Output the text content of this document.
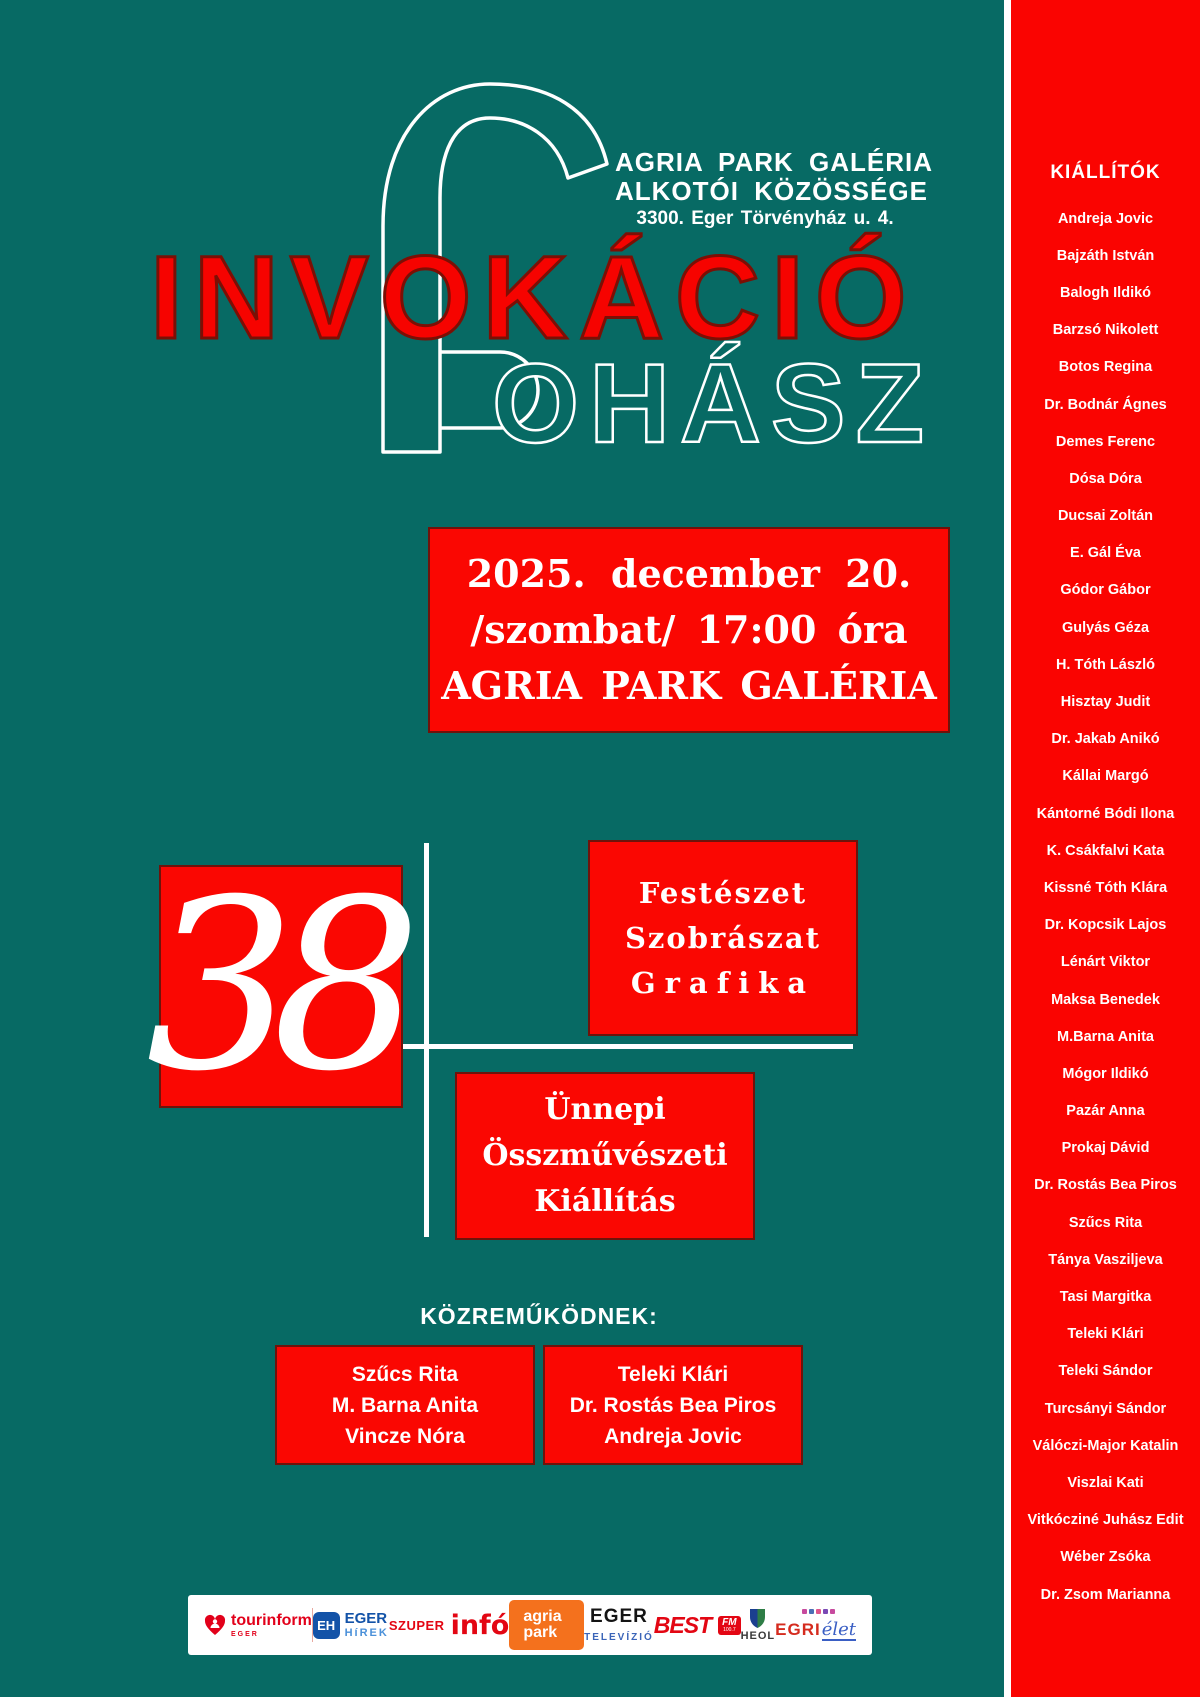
AGRIA PARK GALÉRIA
ALKOTÓI KÖZÖSSÉGE
3300. Eger Törvényház u. 4.
INVOKÁCIÓ
OHÁSZ
2025. december 20.
/szombat/ 17:00 óra
AGRIA PARK GALÉRIA
38	Festészet
Szobrászat
Grafika
Ünnepi
Összművészeti
Kiállítás
KÖZREMŰKÖDNEK:
Szűcs Rita
M. Barna Anita
Vincze Nóra
Teleki Klári
Dr. Rostás Bea Piros
Andreja Jovic
tourinform
EGER
EH EGER
HíREK
SZUPER infó agria park
EGER
TELEVÍZIÓ BEST FM
100.7
HEOL EGRI élet
KIÁLLÍTÓK
Andreja Jovic
Bajzáth István
Balogh Ildikó
Barzsó Nikolett
Botos Regina
Dr. Bodnár Ágnes
Demes Ferenc
Dósa Dóra
Ducsai Zoltán
E. Gál Éva
Gódor Gábor
Gulyás Géza
H. Tóth László
Hisztay Judit
Dr. Jakab Anikó
Kállai Margó
Kántorné Bódi Ilona
K. Csákfalvi Kata
Kissné Tóth Klára
Dr. Kopcsik Lajos
Lénárt Viktor
Maksa Benedek
M.Barna Anita
Mógor Ildikó
Pazár Anna
Prokaj Dávid
Dr. Rostás Bea Piros
Szűcs Rita
Tánya Vasziljeva
Tasi Margitka
Teleki Klári
Teleki Sándor
Turcsányi Sándor
Válóczi-Major Katalin
Viszlai Kati
Vitkócziné Juhász Edit
Wéber Zsóka
Dr. Zsom Marianna
